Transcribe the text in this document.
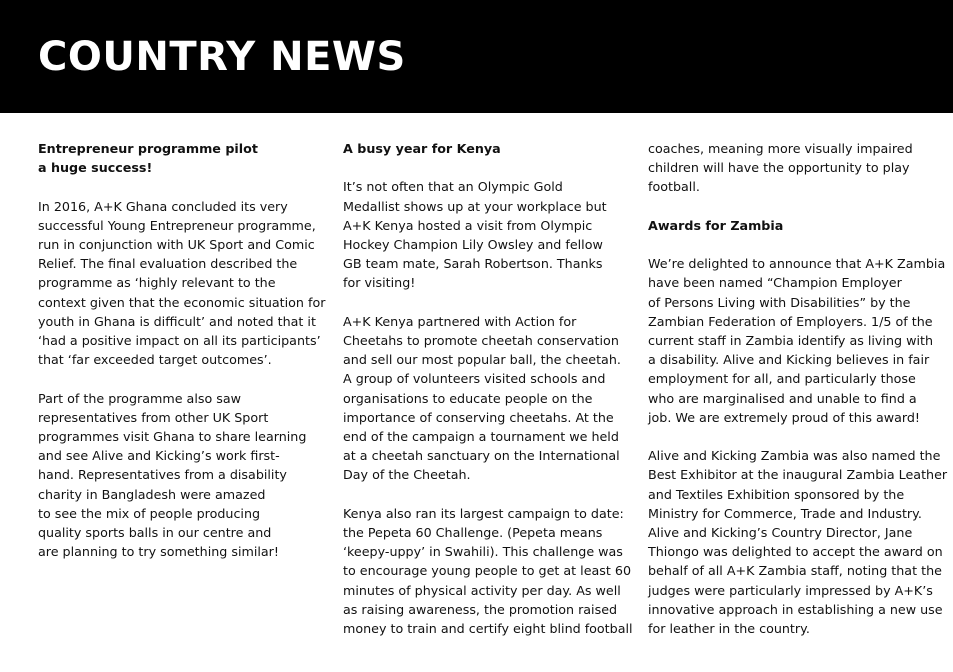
COUNTRY NEWS
Entrepreneur programme pilot
a huge success!

In 2016, A+K Ghana concluded its very
successful Young Entrepreneur programme,
run in conjunction with UK Sport and Comic
Relief. The final evaluation described the
programme as ‘highly relevant to the
context given that the economic situation for
youth in Ghana is difficult’ and noted that it
‘had a positive impact on all its participants’
that ‘far exceeded target outcomes’.

Part of the programme also saw
representatives from other UK Sport
programmes visit Ghana to share learning
and see Alive and Kicking’s work first-
hand. Representatives from a disability
charity in Bangladesh were amazed
to see the mix of people producing
quality sports balls in our centre and
are planning to try something similar!

A busy year for Kenya

It’s not often that an Olympic Gold
Medallist shows up at your workplace but
A+K Kenya hosted a visit from Olympic
Hockey Champion Lily Owsley and fellow
GB team mate, Sarah Robertson. Thanks
for visiting!

A+K Kenya partnered with Action for
Cheetahs to promote cheetah conservation
and sell our most popular ball, the cheetah.
A group of volunteers visited schools and
organisations to educate people on the
importance of conserving cheetahs. At the
end of the campaign a tournament we held
at a cheetah sanctuary on the International
Day of the Cheetah.

Kenya also ran its largest campaign to date:
the Pepeta 60 Challenge. (Pepeta means
‘keepy-uppy’ in Swahili). This challenge was
to encourage young people to get at least 60
minutes of physical activity per day. As well
as raising awareness, the promotion raised
money to train and certify eight blind football

coaches, meaning more visually impaired
children will have the opportunity to play
football.

Awards for Zambia

We’re delighted to announce that A+K Zambia
have been named “Champion Employer
of Persons Living with Disabilities” by the
Zambian Federation of Employers. 1/5 of the
current staff in Zambia identify as living with
a disability. Alive and Kicking believes in fair
employment for all, and particularly those
who are marginalised and unable to find a
job. We are extremely proud of this award!

Alive and Kicking Zambia was also named the
Best Exhibitor at the inaugural Zambia Leather
and Textiles Exhibition sponsored by the
Ministry for Commerce, Trade and Industry.
Alive and Kicking’s Country Director, Jane
Thiongo was delighted to accept the award on
behalf of all A+K Zambia staff, noting that the
judges were particularly impressed by A+K’s
innovative approach in establishing a new use
for leather in the country.
